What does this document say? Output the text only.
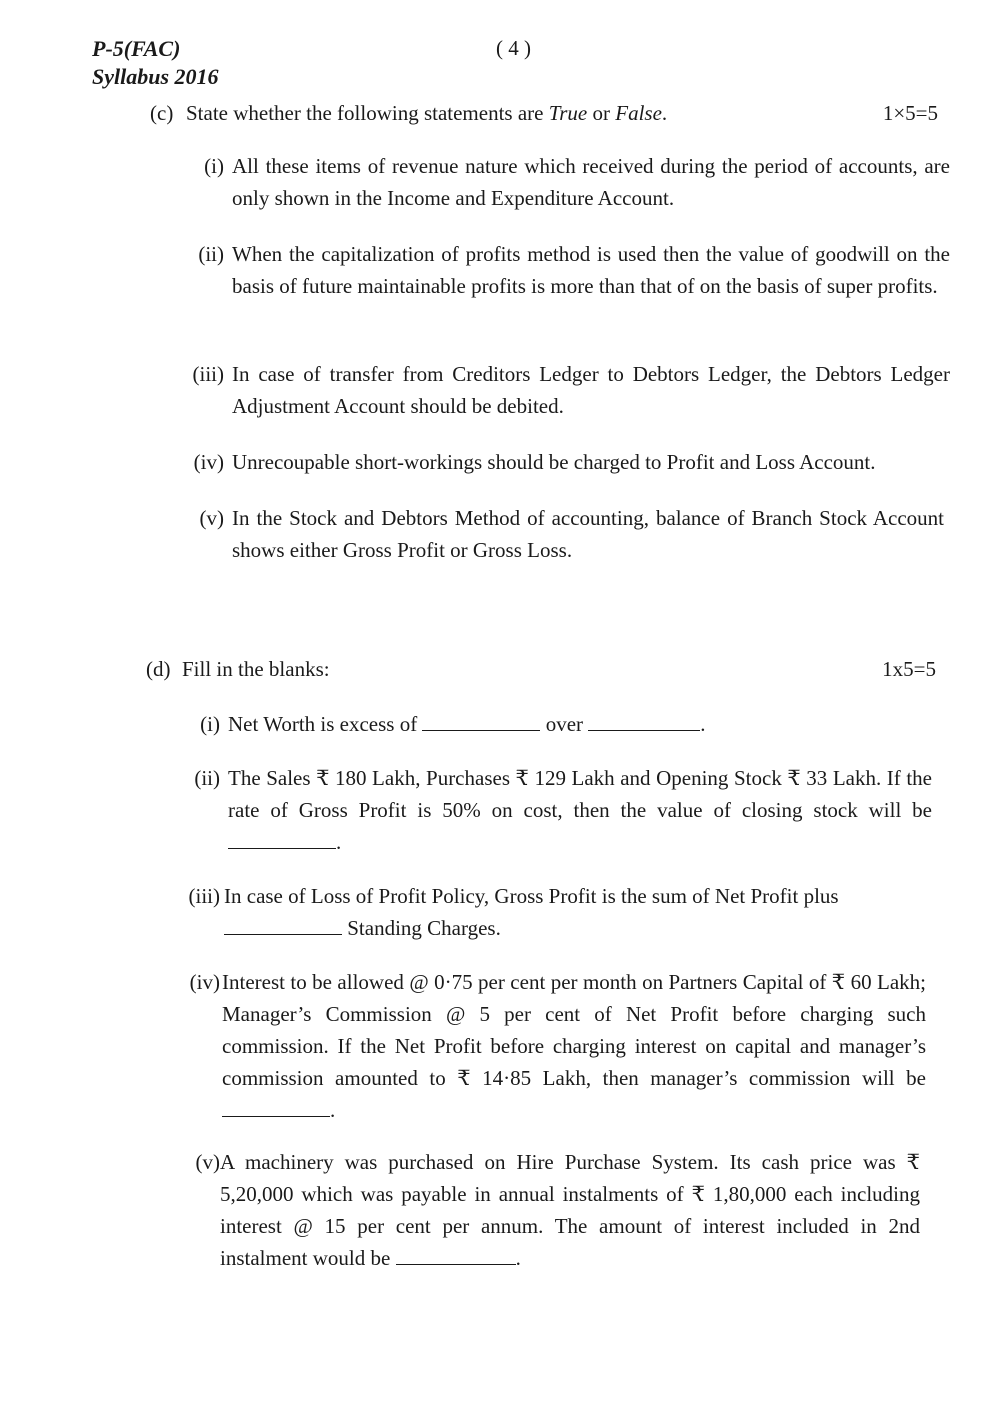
P-5(FAC)
Syllabus 2016
( 4 )
(c) State whether the following statements are True or False.	1×5=5
(i) All these items of revenue nature which received during the period of accounts, are only shown in the Income and Expenditure Account.
(ii) When the capitalization of profits method is used then the value of goodwill on the basis of future maintainable profits is more than that of on the basis of super profits.
(iii) In case of transfer from Creditors Ledger to Debtors Ledger, the Debtors Ledger Adjustment Account should be debited.
(iv) Unrecoupable short-workings should be charged to Profit and Loss Account.
(v) In the Stock and Debtors Method of accounting, balance of Branch Stock Account shows either Gross Profit or Gross Loss.
(d) Fill in the blanks:	1x5=5
(i) Net Worth is excess of	over	.
(ii) The Sales ₹ 180 Lakh, Purchases ₹ 129 Lakh and Opening Stock ₹ 33 Lakh. If the rate of Gross Profit is 50% on cost, then the value of closing stock will be .
(iii) In case of Loss of Profit Policy, Gross Profit is the sum of Net Profit plus
Standing Charges.
(iv) Interest to be allowed @ 0·75 per cent per month on Partners Capital of ₹ 60 Lakh; Manager’s Commission @ 5 per cent of Net Profit before charging such commission. If the Net Profit before charging interest on capital and manager’s commission amounted to ₹ 14·85 Lakh, then manager’s commission will be .
(v) A machinery was purchased on Hire Purchase System. Its cash price was ₹ 5,20,000 which was payable in annual instalments of ₹ 1,80,000 each including interest @ 15 per cent per annum. The amount of interest included in 2nd instalment would be	.
